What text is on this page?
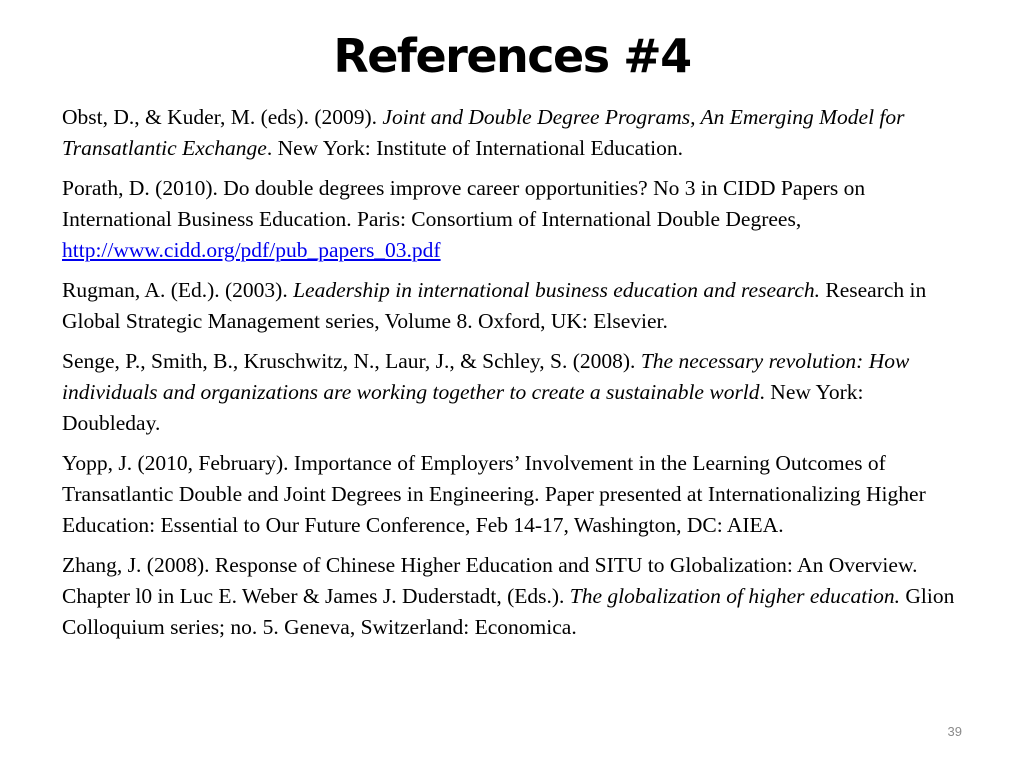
References #4
Obst, D., & Kuder, M. (eds). (2009). Joint and Double Degree Programs, An Emerging Model for Transatlantic Exchange. New York: Institute of International Education.
Porath, D. (2010). Do double degrees improve career opportunities? No 3 in CIDD Papers on International Business Education. Paris: Consortium of International Double Degrees, http://www.cidd.org/pdf/pub_papers_03.pdf
Rugman, A. (Ed.). (2003). Leadership in international business education and research. Research in Global Strategic Management series, Volume 8. Oxford, UK: Elsevier.
Senge, P., Smith, B., Kruschwitz, N., Laur, J., & Schley, S. (2008). The necessary revolution: How individuals and organizations are working together to create a sustainable world. New York: Doubleday.
Yopp, J. (2010, February). Importance of Employers’ Involvement in the Learning Outcomes of Transatlantic Double and Joint Degrees in Engineering. Paper presented at Internationalizing Higher Education: Essential to Our Future Conference, Feb 14-17, Washington, DC: AIEA.
Zhang, J. (2008). Response of Chinese Higher Education and SITU to Globalization: An Overview. Chapter l0 in Luc E. Weber & James J. Duderstadt, (Eds.). The globalization of higher education. Glion Colloquium series; no. 5. Geneva, Switzerland: Economica.
39
